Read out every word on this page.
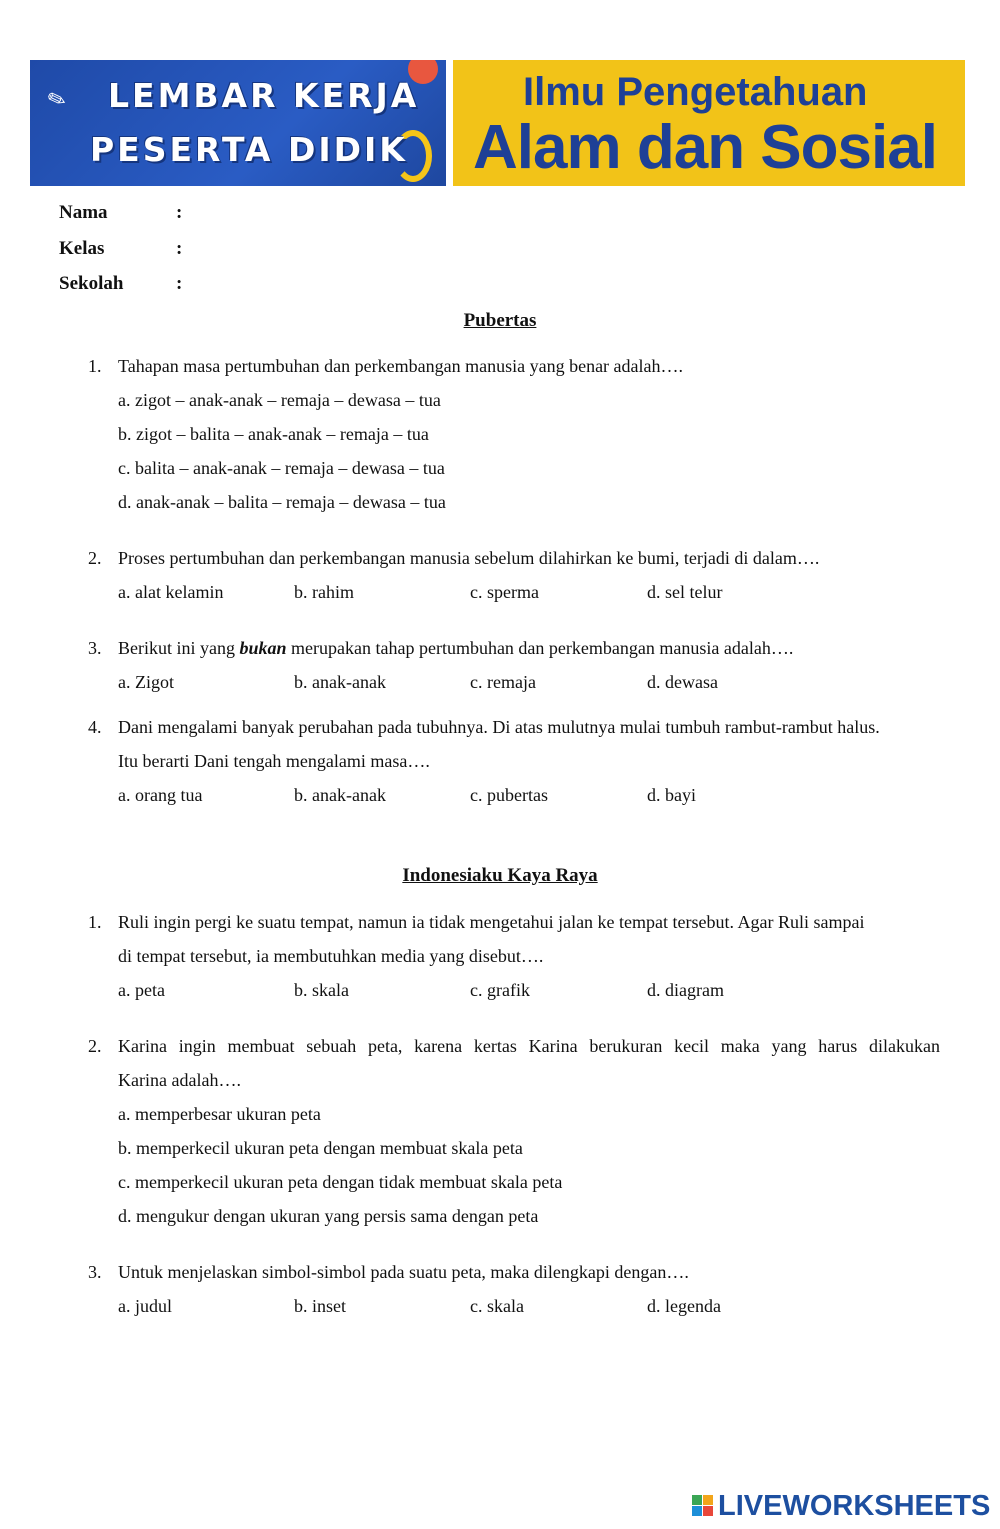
✎ LEMBAR KERJA
PESERTA DIDIK
Ilmu Pengetahuan
Alam dan Sosial
Nama	:
Kelas	:
Sekolah	:
Pubertas
1. Tahapan masa pertumbuhan dan perkembangan manusia yang benar adalah….
a. zigot – anak-anak – remaja – dewasa – tua
b. zigot – balita – anak-anak – remaja – tua
c. balita – anak-anak – remaja – dewasa – tua
d. anak-anak – balita – remaja – dewasa – tua
2. Proses pertumbuhan dan perkembangan manusia sebelum dilahirkan ke bumi, terjadi di dalam….
a. alat kelamin	b. rahim	c. sperma	d. sel telur
3. Berikut ini yang bukan merupakan tahap pertumbuhan dan perkembangan manusia adalah….
a. Zigot	b. anak-anak	c. remaja	d. dewasa
4. Dani mengalami banyak perubahan pada tubuhnya. Di atas mulutnya mulai tumbuh rambut-rambut halus.
Itu berarti Dani tengah mengalami masa….
a. orang tua	b. anak-anak	c. pubertas	d. bayi
Indonesiaku Kaya Raya
1. Ruli ingin pergi ke suatu tempat, namun ia tidak mengetahui jalan ke tempat tersebut. Agar Ruli sampai
di tempat tersebut, ia membutuhkan media yang disebut….
a. peta	b. skala	c. grafik	d. diagram
2. Karina ingin membuat sebuah peta, karena kertas Karina berukuran kecil maka yang harus dilakukan
Karina adalah….
a. memperbesar ukuran peta
b. memperkecil ukuran peta dengan membuat skala peta
c. memperkecil ukuran peta dengan tidak membuat skala peta
d. mengukur dengan ukuran yang persis sama dengan peta
3. Untuk menjelaskan simbol-simbol pada suatu peta, maka dilengkapi dengan….
a. judul	b. inset	c. skala	d. legenda
LIVEWORKSHEETS
